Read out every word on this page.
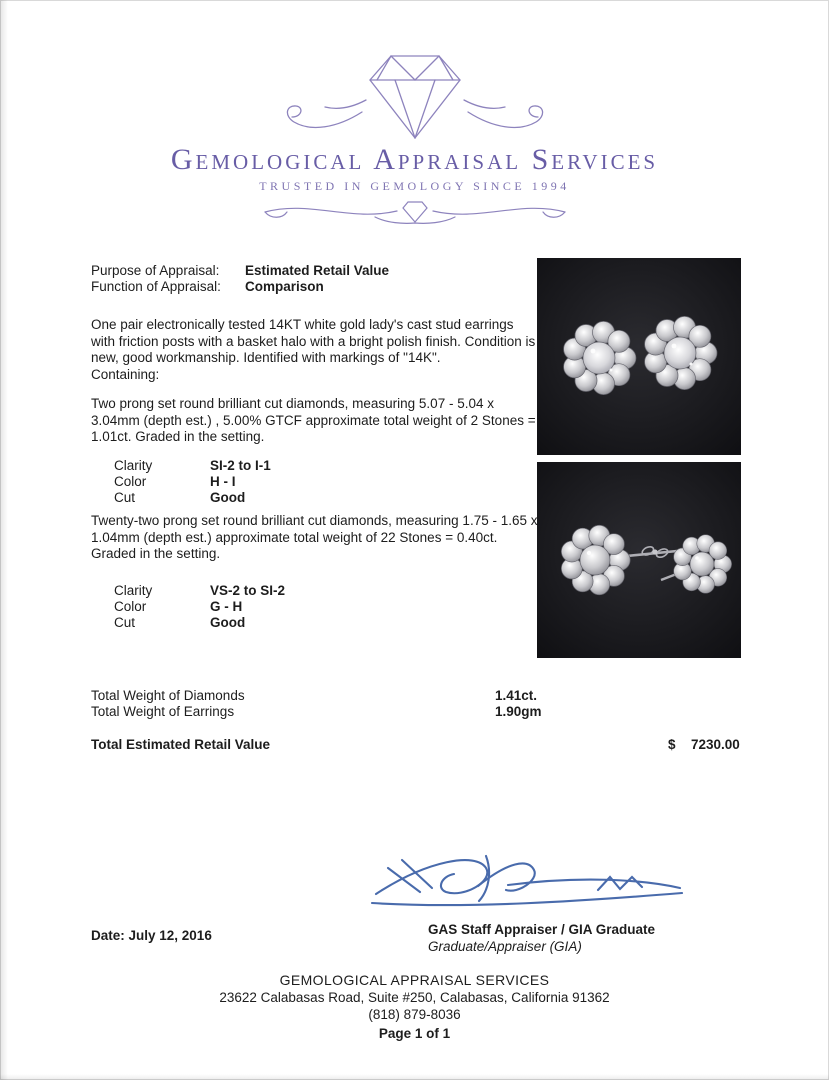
Gemological Appraisal Services
TRUSTED IN GEMOLOGY SINCE 1994
Purpose of Appraisal:	Estimated Retail Value
Function of Appraisal:	Comparison
One pair electronically tested 14KT white gold lady's cast stud earrings with friction posts with a basket halo with a bright polish finish. Condition is new, good workmanship. Identified with markings of "14K".
Containing:
Two prong set round brilliant cut diamonds, measuring 5.07 - 5.04 x 3.04mm (depth est.) , 5.00% GTCF approximate total weight of 2 Stones = 1.01ct. Graded in the setting.
Clarity	SI-2 to I-1
Color	H - I
Cut	Good
Twenty-two prong set round brilliant cut diamonds, measuring 1.75 - 1.65 x 1.04mm (depth est.) approximate total weight of 22 Stones = 0.40ct. Graded in the setting.
Clarity	VS-2 to SI-2
Color	G - H
Cut	Good
Total Weight of Diamonds	1.41ct.
Total Weight of Earrings	1.90gm
Total Estimated Retail Value	$ 7230.00
Date: July 12, 2016	GAS Staff Appraiser / GIA Graduate
Graduate/Appraiser (GIA)
GEMOLOGICAL APPRAISAL SERVICES
23622 Calabasas Road, Suite #250, Calabasas, California 91362
(818) 879-8036
Page 1 of 1
